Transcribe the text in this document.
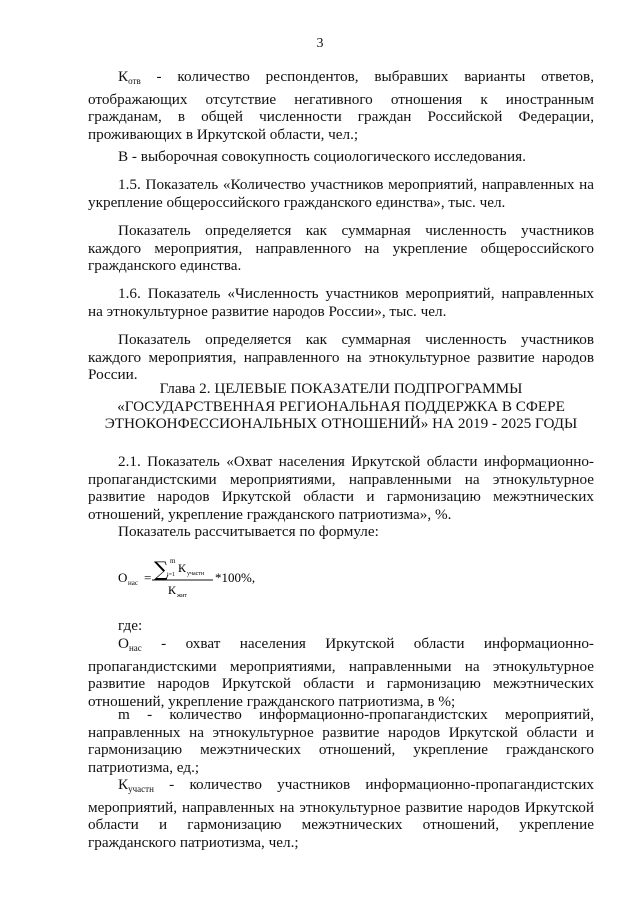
3

$К_{отв}$ - количество респондентов, выбравших варианты ответов, отображающих отсутствие негативного отношения к иностранным гражданам, в общей численности граждан Российской Федерации, проживающих в Иркутской области, чел.;

В - выборочная совокупность социологического исследования.

1.5. Показатель «Количество участников мероприятий, направленных на укрепление общероссийского гражданского единства», тыс. чел.

Показатель определяется как суммарная численность участников каждого мероприятия, направленного на укрепление общероссийского гражданского единства.

1.6. Показатель «Численность участников мероприятий, направленных на этнокультурное развитие народов России», тыс. чел.

Показатель определяется как суммарная численность участников каждого мероприятия, направленного на этнокультурное развитие народов России.

Глава 2. ЦЕЛЕВЫЕ ПОКАЗАТЕЛИ ПОДПРОГРАММЫ
«ГОСУДАРСТВЕННАЯ РЕГИОНАЛЬНАЯ ПОДДЕРЖКА В СФЕРЕ
ЭТНОКОНФЕССИОНАЛЬНЫХ ОТНОШЕНИЙ» НА 2019 - 2025 ГОДЫ

2.1. Показатель «Охват населения Иркутской области информационно-пропагандистскими мероприятиями, направленными на этнокультурное развитие народов Иркутской области и гармонизацию межэтнических отношений, укрепление гражданского патриотизма», %.

Показатель рассчитывается по формуле:

О нас = ∑ m
i=1 К участн
К жит
*100%,

где:

$О_{нас}$ - охват населения Иркутской области информационно-пропагандистскими мероприятиями, направленными на этнокультурное развитие народов Иркутской области и гармонизацию межэтнических отношений, укрепление гражданского патриотизма, в %;

m - количество информационно-пропагандистских мероприятий, направленных на этнокультурное развитие народов Иркутской области и гармонизацию межэтнических отношений, укрепление гражданского патриотизма, ед.;

$К_{участн}$ - количество участников информационно-пропагандистских мероприятий, направленных на этнокультурное развитие народов Иркутской области и гармонизацию межэтнических отношений, укрепление гражданского патриотизма, чел.;
